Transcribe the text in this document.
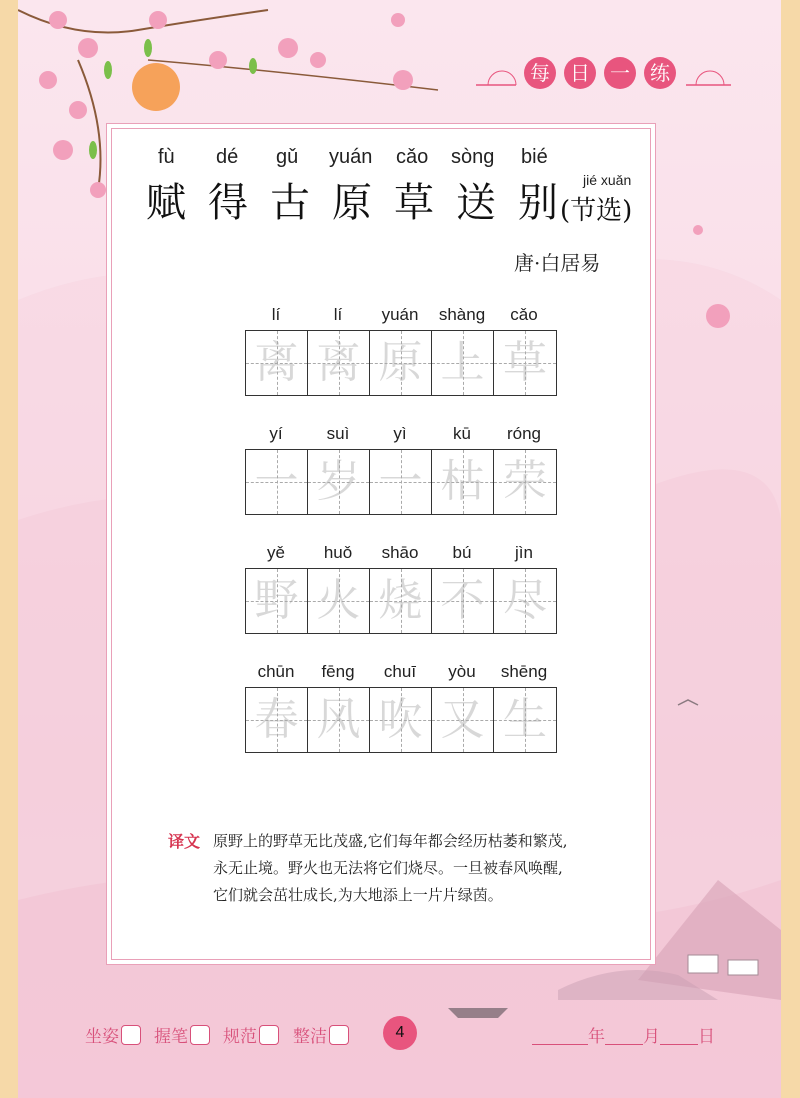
每	日	一	练
fù dé gǔ yuán cǎo sòng bié
赋 得 古 原 草 送 别 jié xuǎn
(节选)
唐·白居易
lí	lí	yuán	shàng	cǎo
离 离 原 上 草
yí	suì	yì	kū	róng
一 岁 一 枯 荣
yě	huǒ	shāo	bú	jìn
野 火 烧 不 尽
chūn	fēng	chuī	yòu	shēng
春 风 吹 又 生
译文 原野上的野草无比茂盛,它们每年都会经历枯萎和繁茂,
永无止境。野火也无法将它们烧尽。一旦被春风唤醒,
它们就会茁壮成长,为大地添上一片片绿茵。
坐姿	握笔	规范	整洁	4	年 月 日
